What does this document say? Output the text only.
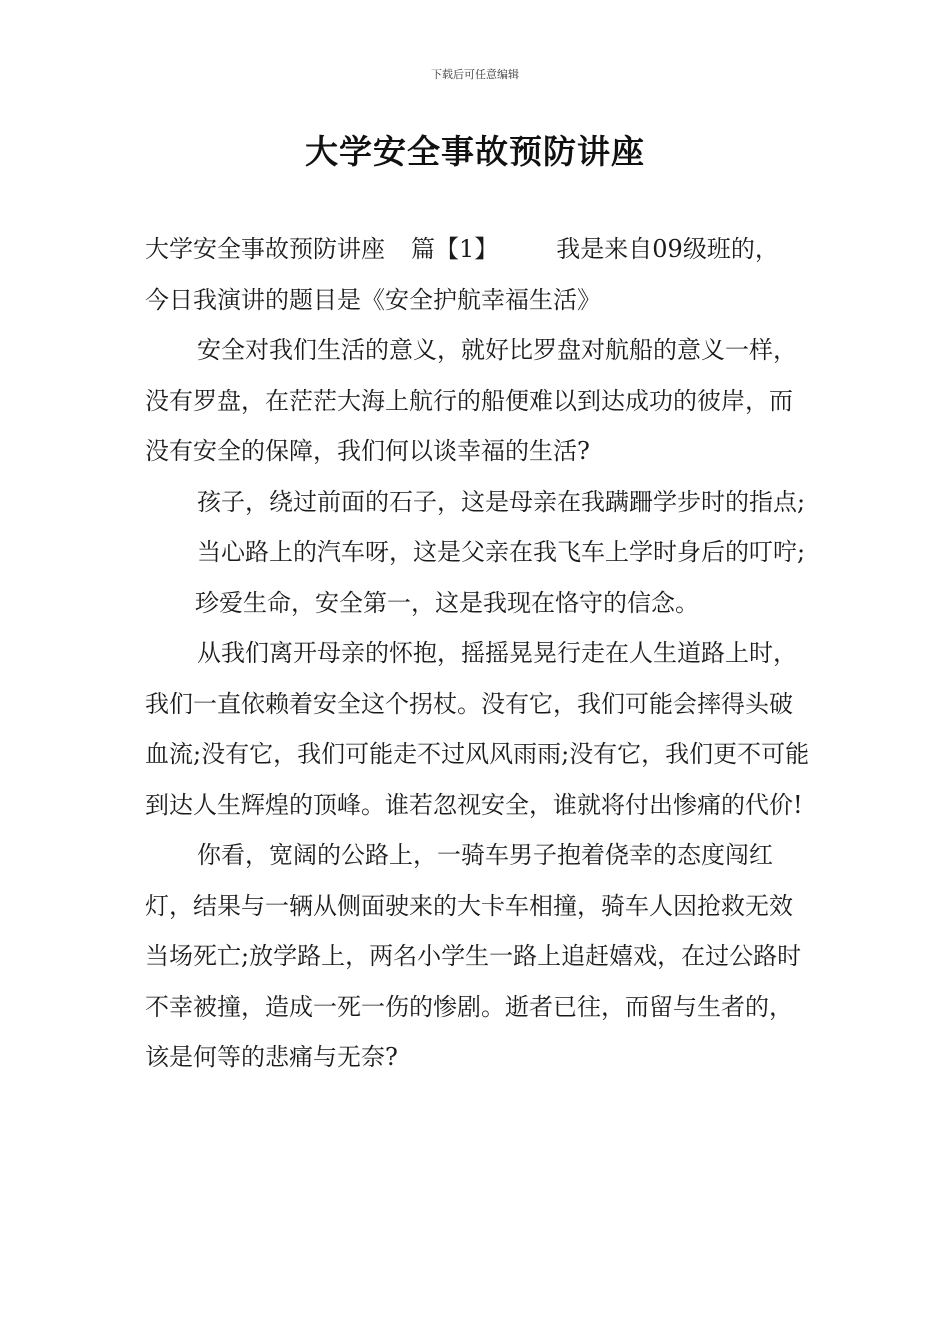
下载后可任意编辑
大学安全事故预防讲座

大学安全事故预防讲座 篇【1】 我是来自09级班的，

今日我演讲的题目是《安全护航幸福生活》

安全对我们生活的意义，就好比罗盘对航船的意义一样，没有罗盘，在茫茫大海上航行的船便难以到达成功的彼岸，而没有安全的保障，我们何以谈幸福的生活?

孩子，绕过前面的石子，这是母亲在我蹒跚学步时的指点;

当心路上的汽车呀，这是父亲在我飞车上学时身后的叮咛;

珍爱生命，安全第一，这是我现在恪守的信念。

从我们离开母亲的怀抱，摇摇晃晃行走在人生道路上时，我们一直依赖着安全这个拐杖。没有它，我们可能会摔得头破血流;没有它，我们可能走不过风风雨雨;没有它，我们更不可能到达人生辉煌的顶峰。谁若忽视安全，谁就将付出惨痛的代价!

你看，宽阔的公路上，一骑车男子抱着侥幸的态度闯红灯，结果与一辆从侧面驶来的大卡车相撞，骑车人因抢救无效当场死亡;放学路上，两名小学生一路上追赶嬉戏，在过公路时不幸被撞，造成一死一伤的惨剧。逝者已往，而留与生者的，该是何等的悲痛与无奈?
